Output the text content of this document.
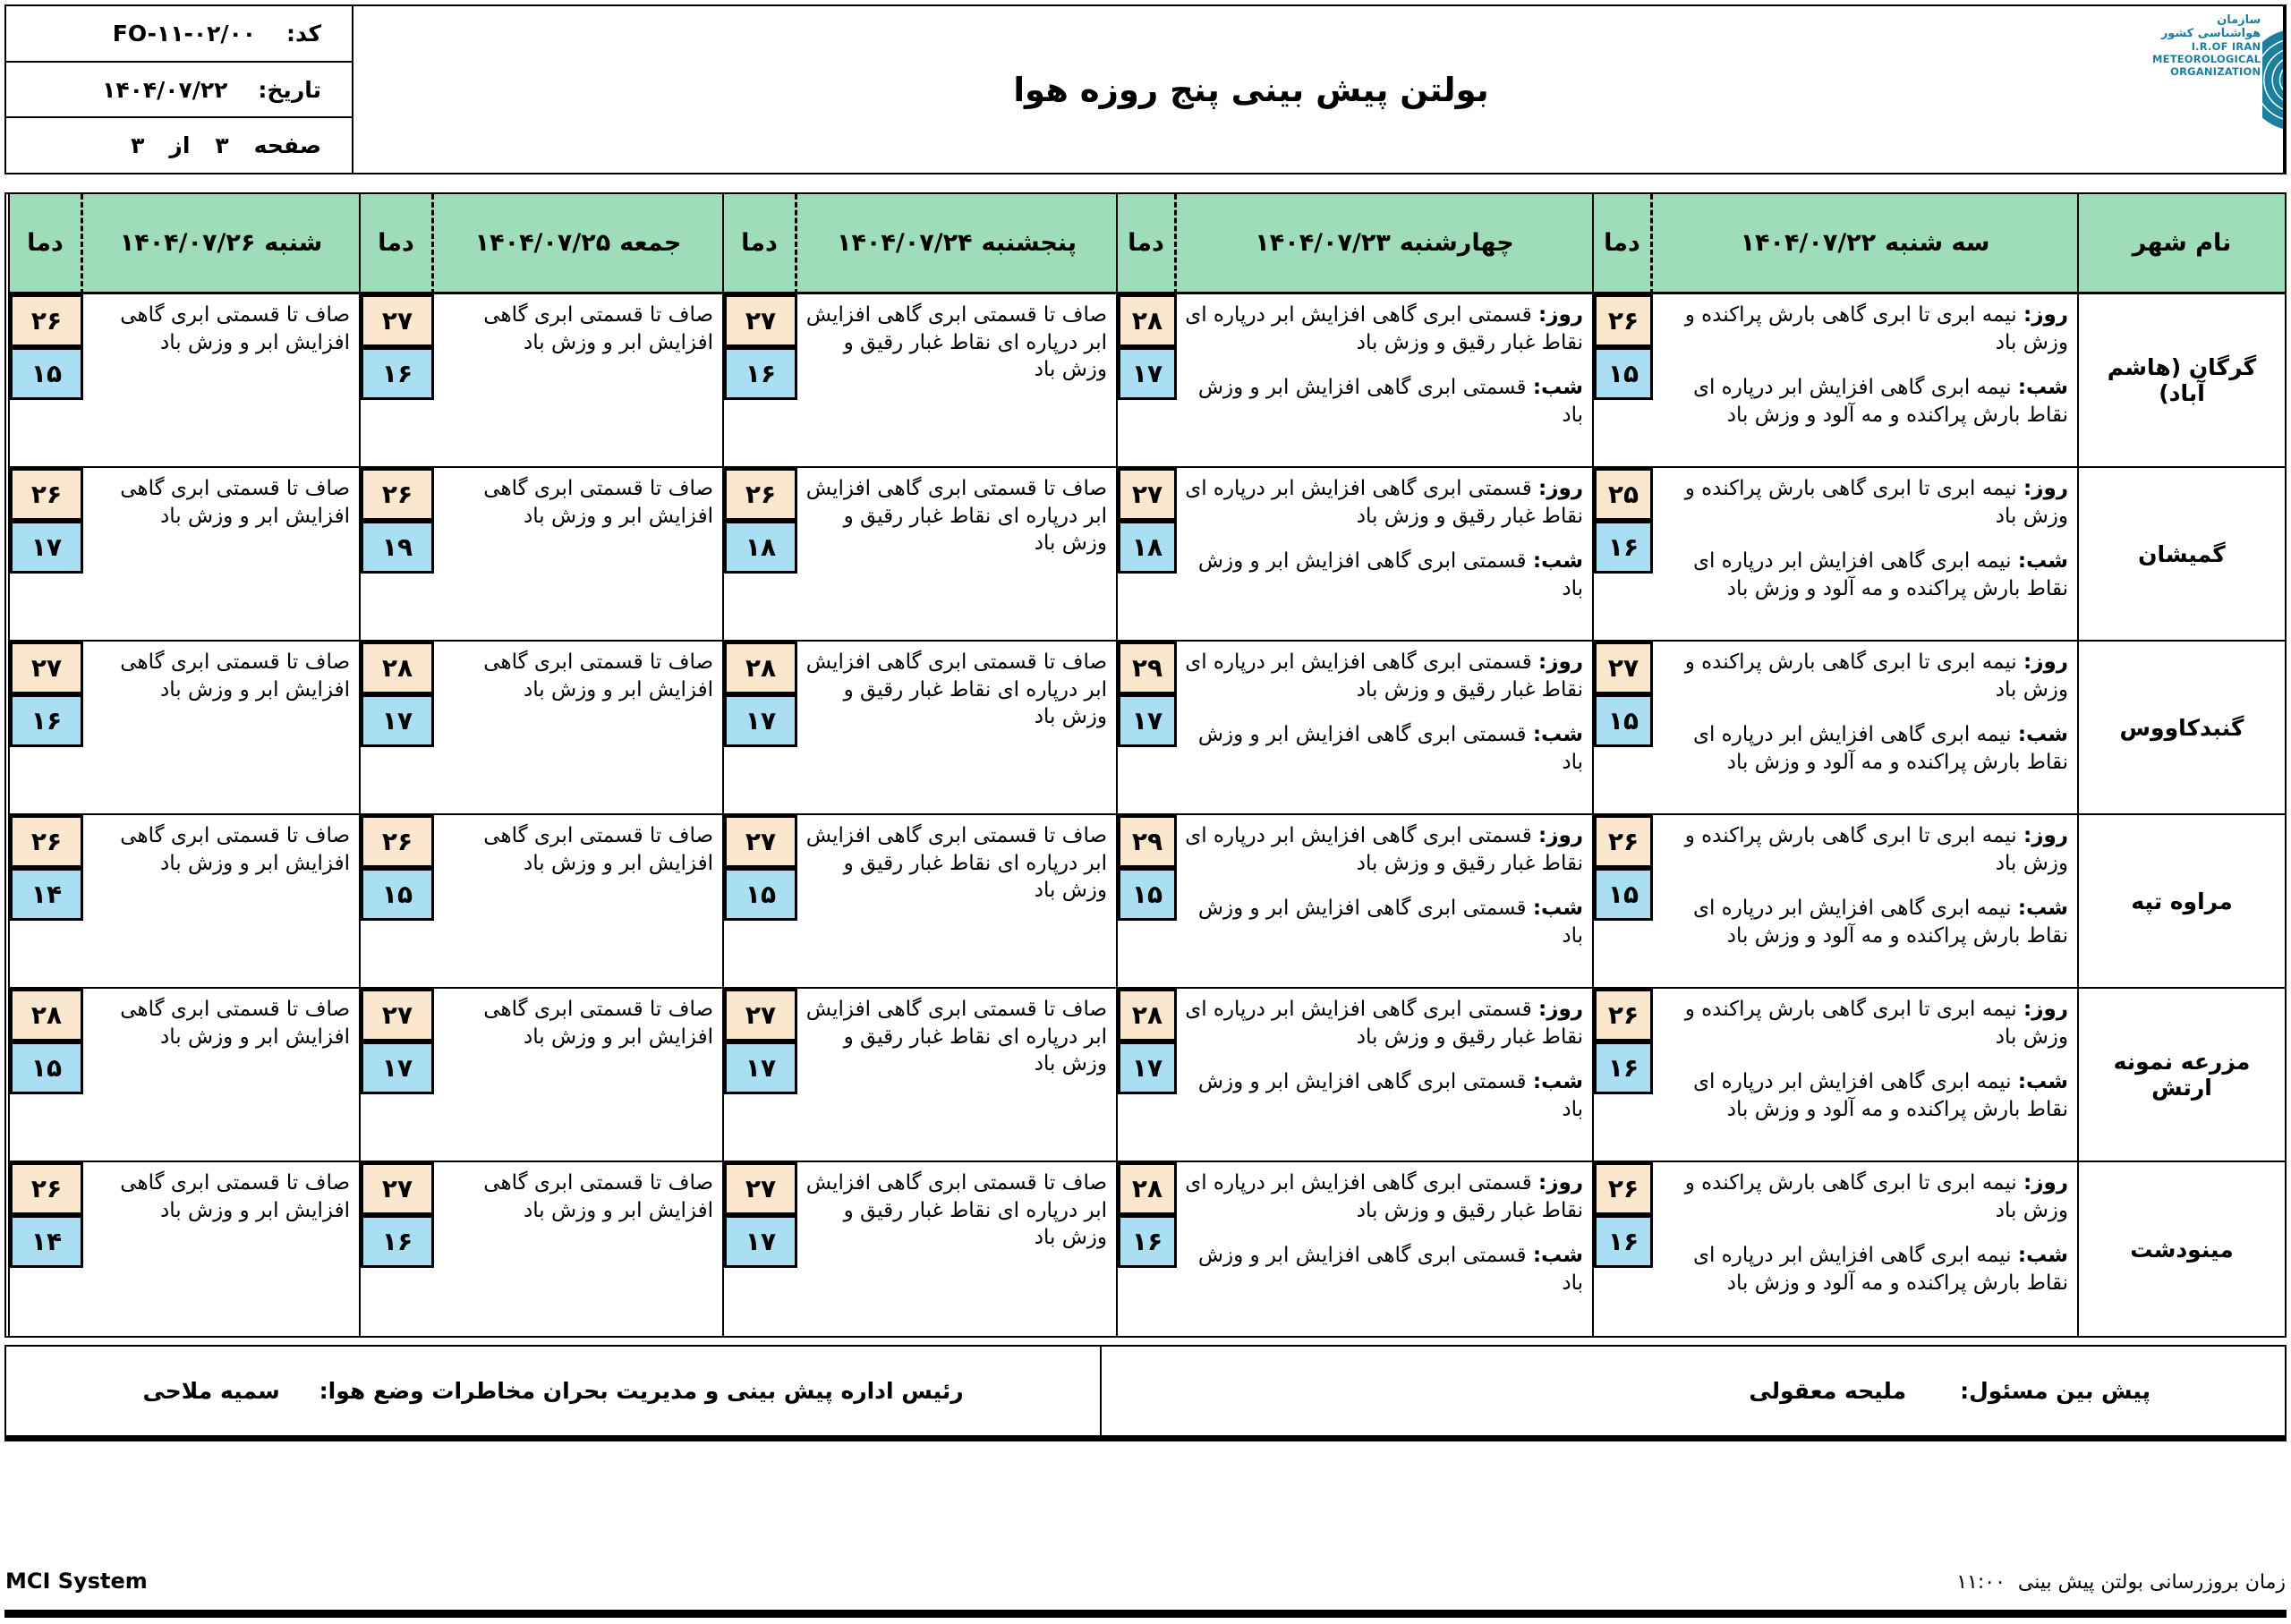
سازمان هواشناسی کشور
I.R.OF IRAN
METEOROLOGICAL
ORGANIZATION
بولتن پیش بینی پنج روزه هوا
کد:
FO-۱۱-۰۲/۰۰
تاریخ:
۱۴۰۴/۰۷/۲۲
صفحه
۳
از
۳
نام شهر
سه شنبه
۱۴۰۴/۰۷/۲۲
دما
چهارشنبه
۱۴۰۴/۰۷/۲۳
دما
پنجشنبه
۱۴۰۴/۰۷/۲۴
دما
جمعه
۱۴۰۴/۰۷/۲۵
دما
شنبه
۱۴۰۴/۰۷/۲۶
دما
گرگان (هاشم آباد)

روز: نیمه ابری تا ابری گاهی بارش پراکنده و وزش باد

شب: نیمه ابری گاهی افزایش ابر درپاره ای نقاط بارش پراکنده و مه آلود و وزش باد

۲۶
۱۵

روز: قسمتی ابری گاهی افزایش ابر درپاره ای نقاط غبار رقیق و وزش باد

شب: قسمتی ابری گاهی افزایش ابر و وزش باد

۲۸
۱۷

صاف تا قسمتی ابری گاهی افزایش ابر درپاره ای نقاط غبار رقیق و وزش باد

۲۷
۱۶

صاف تا قسمتی ابری گاهی افزایش ابر و وزش باد

۲۷
۱۶

صاف تا قسمتی ابری گاهی افزایش ابر و وزش باد

۲۶
۱۵
گمیشان

روز: نیمه ابری تا ابری گاهی بارش پراکنده و وزش باد

شب: نیمه ابری گاهی افزایش ابر درپاره ای نقاط بارش پراکنده و مه آلود و وزش باد

۲۵
۱۶

روز: قسمتی ابری گاهی افزایش ابر درپاره ای نقاط غبار رقیق و وزش باد

شب: قسمتی ابری گاهی افزایش ابر و وزش باد

۲۷
۱۸

صاف تا قسمتی ابری گاهی افزایش ابر درپاره ای نقاط غبار رقیق و وزش باد

۲۶
۱۸

صاف تا قسمتی ابری گاهی افزایش ابر و وزش باد

۲۶
۱۹

صاف تا قسمتی ابری گاهی افزایش ابر و وزش باد

۲۶
۱۷
گنبدکاووس

روز: نیمه ابری تا ابری گاهی بارش پراکنده و وزش باد

شب: نیمه ابری گاهی افزایش ابر درپاره ای نقاط بارش پراکنده و مه آلود و وزش باد

۲۷
۱۵

روز: قسمتی ابری گاهی افزایش ابر درپاره ای نقاط غبار رقیق و وزش باد

شب: قسمتی ابری گاهی افزایش ابر و وزش باد

۲۹
۱۷

صاف تا قسمتی ابری گاهی افزایش ابر درپاره ای نقاط غبار رقیق و وزش باد

۲۸
۱۷

صاف تا قسمتی ابری گاهی افزایش ابر و وزش باد

۲۸
۱۷

صاف تا قسمتی ابری گاهی افزایش ابر و وزش باد

۲۷
۱۶
مراوه تپه

روز: نیمه ابری تا ابری گاهی بارش پراکنده و وزش باد

شب: نیمه ابری گاهی افزایش ابر درپاره ای نقاط بارش پراکنده و مه آلود و وزش باد

۲۶
۱۵

روز: قسمتی ابری گاهی افزایش ابر درپاره ای نقاط غبار رقیق و وزش باد

شب: قسمتی ابری گاهی افزایش ابر و وزش باد

۲۹
۱۵

صاف تا قسمتی ابری گاهی افزایش ابر درپاره ای نقاط غبار رقیق و وزش باد

۲۷
۱۵

صاف تا قسمتی ابری گاهی افزایش ابر و وزش باد

۲۶
۱۵

صاف تا قسمتی ابری گاهی افزایش ابر و وزش باد

۲۶
۱۴
مزرعه نمونه ارتش

روز: نیمه ابری تا ابری گاهی بارش پراکنده و وزش باد

شب: نیمه ابری گاهی افزایش ابر درپاره ای نقاط بارش پراکنده و مه آلود و وزش باد

۲۶
۱۶

روز: قسمتی ابری گاهی افزایش ابر درپاره ای نقاط غبار رقیق و وزش باد

شب: قسمتی ابری گاهی افزایش ابر و وزش باد

۲۸
۱۷

صاف تا قسمتی ابری گاهی افزایش ابر درپاره ای نقاط غبار رقیق و وزش باد

۲۷
۱۷

صاف تا قسمتی ابری گاهی افزایش ابر و وزش باد

۲۷
۱۷

صاف تا قسمتی ابری گاهی افزایش ابر و وزش باد

۲۸
۱۵
مینودشت

روز: نیمه ابری تا ابری گاهی بارش پراکنده و وزش باد

شب: نیمه ابری گاهی افزایش ابر درپاره ای نقاط بارش پراکنده و مه آلود و وزش باد

۲۶
۱۶

روز: قسمتی ابری گاهی افزایش ابر درپاره ای نقاط غبار رقیق و وزش باد

شب: قسمتی ابری گاهی افزایش ابر و وزش باد

۲۸
۱۶

صاف تا قسمتی ابری گاهی افزایش ابر درپاره ای نقاط غبار رقیق و وزش باد

۲۷
۱۷

صاف تا قسمتی ابری گاهی افزایش ابر و وزش باد

۲۷
۱۶

صاف تا قسمتی ابری گاهی افزایش ابر و وزش باد

۲۶
۱۴
پیش بین مسئول:
ملیحه معقولی
رئیس اداره پیش بینی و مدیریت بحران مخاطرات وضع هوا:
سمیه ملاحی
زمان بروزرسانی بولتن پیش بینی
۱۱:۰۰
MCI System
